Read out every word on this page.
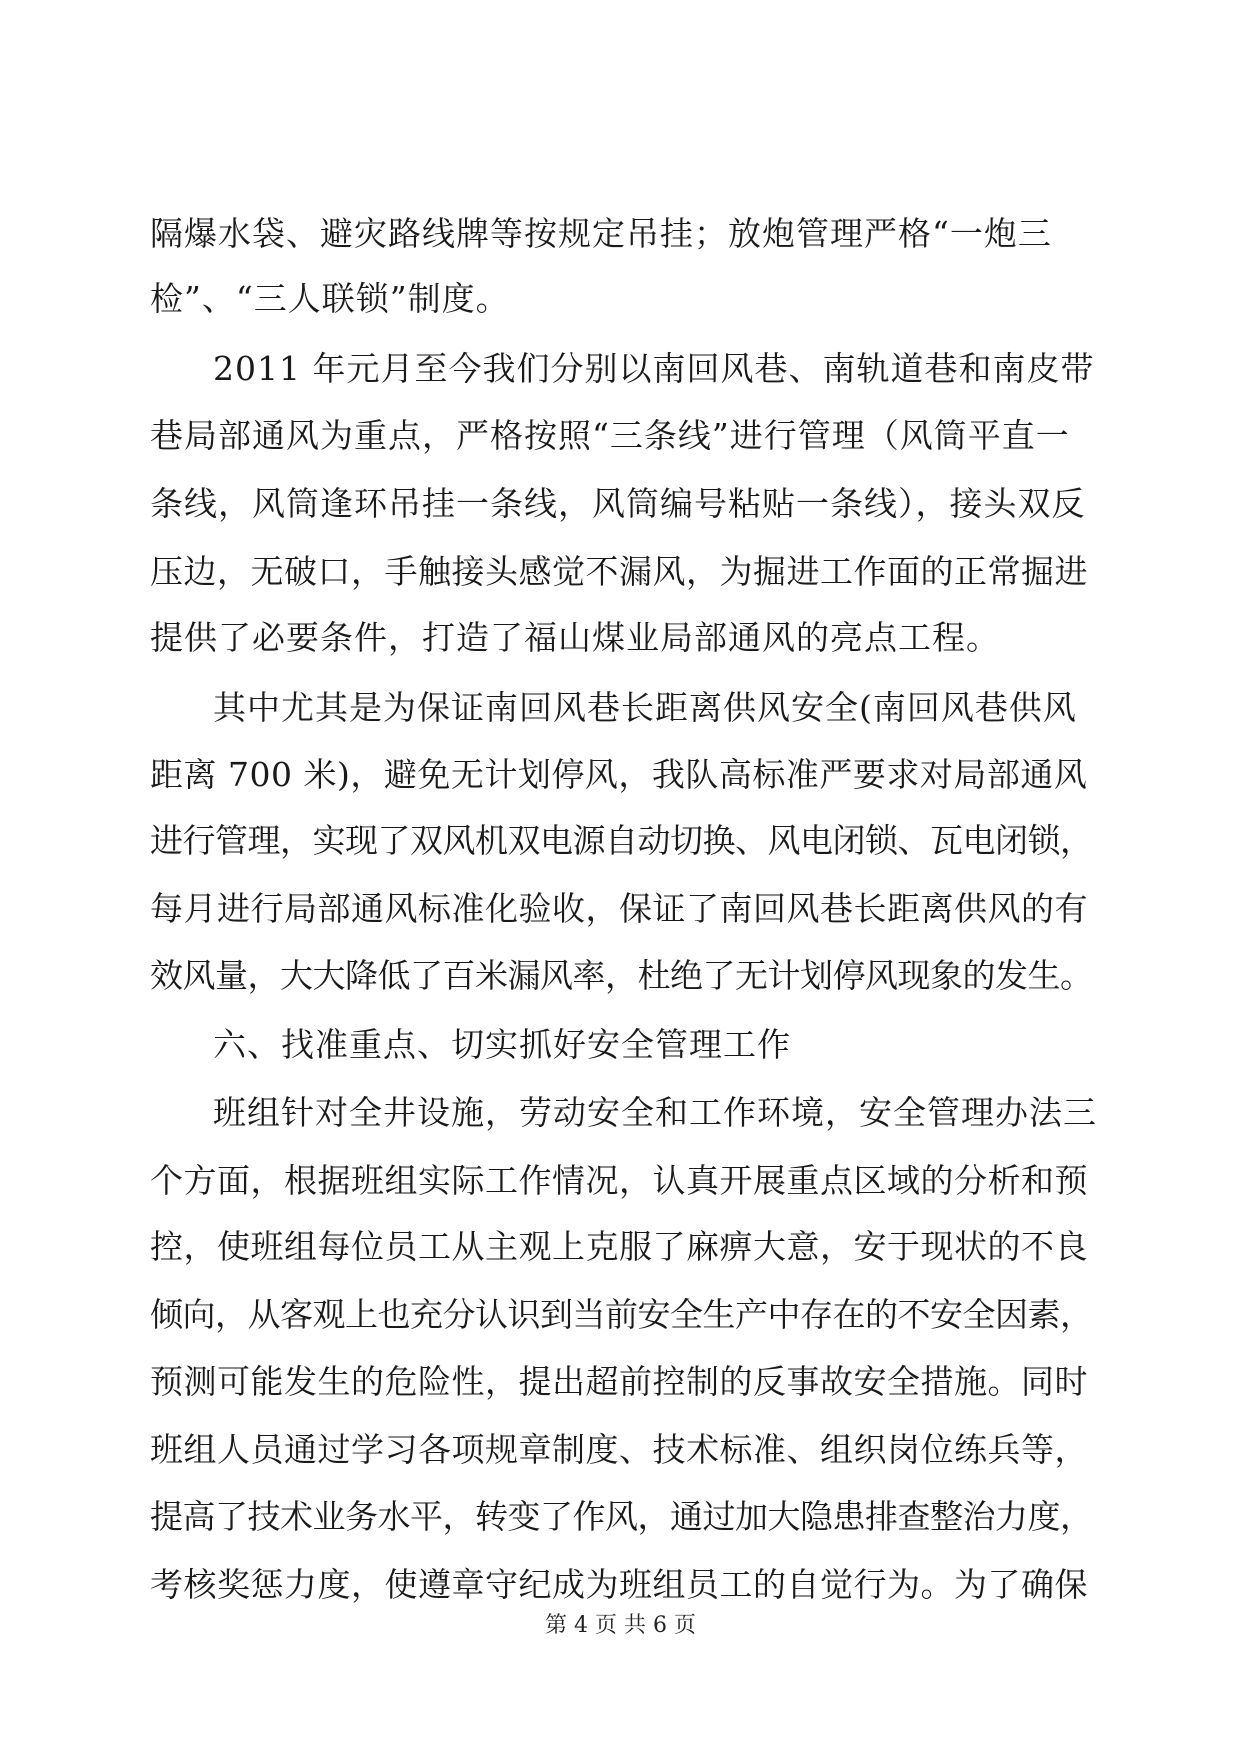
隔爆水袋、避灾路线牌等按规定吊挂；放炮管理严格“一炮三
检”、“三人联锁”制度。
2011 年元月至今我们分别以南回风巷、南轨道巷和南皮带
巷局部通风为重点，严格按照“三条线”进行管理（风筒平直一
条线，风筒逢环吊挂一条线，风筒编号粘贴一条线），接头双反
压边，无破口，手触接头感觉不漏风，为掘进工作面的正常掘进
提供了必要条件，打造了福山煤业局部通风的亮点工程。
其中尤其是为保证南回风巷长距离供风安全(南回风巷供风
距离 700 米)，避免无计划停风，我队高标准严要求对局部通风
进行管理，实现了双风机双电源自动切换、风电闭锁、瓦电闭锁，
每月进行局部通风标准化验收，保证了南回风巷长距离供风的有
效风量，大大降低了百米漏风率，杜绝了无计划停风现象的发生。
六、找准重点、切实抓好安全管理工作
班组针对全井设施，劳动安全和工作环境，安全管理办法三
个方面，根据班组实际工作情况，认真开展重点区域的分析和预
控，使班组每位员工从主观上克服了麻痹大意，安于现状的不良
倾向，从客观上也充分认识到当前安全生产中存在的不安全因素，
预测可能发生的危险性，提出超前控制的反事故安全措施。同时
班组人员通过学习各项规章制度、技术标准、组织岗位练兵等，
提高了技术业务水平，转变了作风，通过加大隐患排查整治力度，
考核奖惩力度，使遵章守纪成为班组员工的自觉行为。为了确保
第 4 页 共 6 页
